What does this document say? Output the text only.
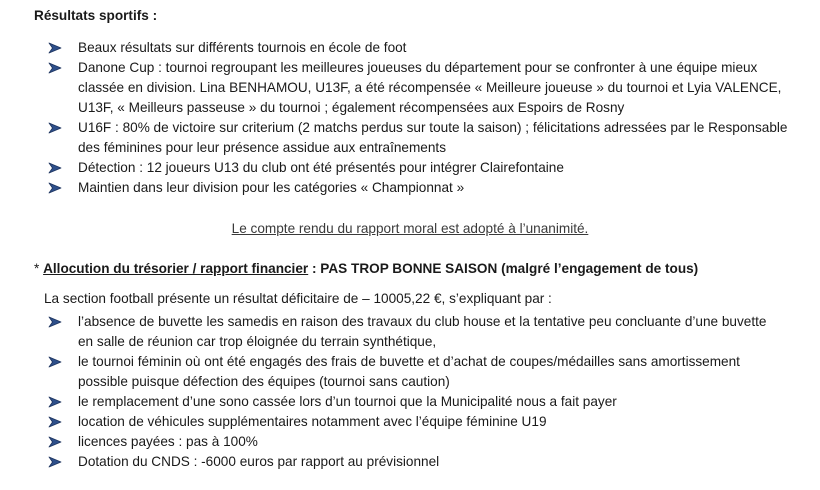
Résultats sportifs :
Beaux résultats sur différents tournois en école de foot
Danone Cup : tournoi regroupant les meilleures joueuses du département pour se confronter à une équipe mieux
classée en division. Lina BENHAMOU, U13F, a été récompensée « Meilleure joueuse » du tournoi et Lyia VALENCE,
U13F, « Meilleurs passeuse » du tournoi ; également récompensées aux Espoirs de Rosny
U16F : 80% de victoire sur criterium (2 matchs perdus sur toute la saison) ; félicitations adressées par le Responsable
des féminines pour leur présence assidue aux entraînements
Détection : 12 joueurs U13 du club ont été présentés pour intégrer Clairefontaine
Maintien dans leur division pour les catégories « Championnat »
Le compte rendu du rapport moral est adopté à l’unanimité.
* Allocution du trésorier / rapport financier : PAS TROP BONNE SAISON (malgré l’engagement de tous)
La section football présente un résultat déficitaire de – 10005,22 €, s’expliquant par :
l’absence de buvette les samedis en raison des travaux du club house et la tentative peu concluante d’une buvette
en salle de réunion car trop éloignée du terrain synthétique,
le tournoi féminin où ont été engagés des frais de buvette et d’achat de coupes/médailles sans amortissement
possible puisque défection des équipes (tournoi sans caution)
le remplacement d’une sono cassée lors d’un tournoi que la Municipalité nous a fait payer
location de véhicules supplémentaires notamment avec l’équipe féminine U19
licences payées : pas à 100%
Dotation du CNDS : -6000 euros par rapport au prévisionnel
